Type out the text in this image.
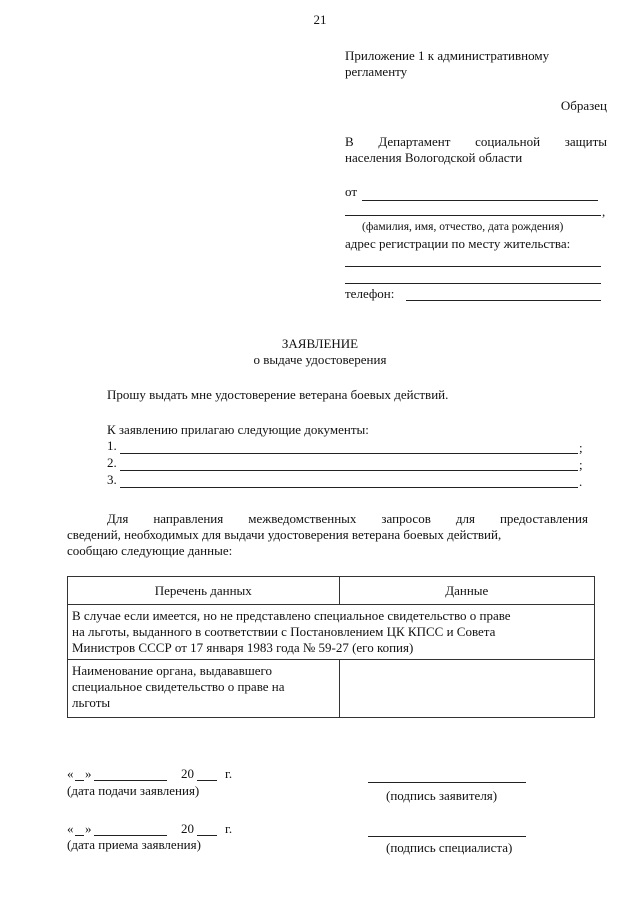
21
Приложение 1 к административному
регламенту
Образец
В Департамент социальной защиты
населения Вологодской области
от
,
(фамилия, имя, отчество, дата рождения)
адрес регистрации по месту жительства:
телефон:
ЗАЯВЛЕНИЕ
о выдаче удостоверения
Прошу выдать мне удостоверение ветерана боевых действий.
К заявлению прилагаю следующие документы:
1.	;
2.	;
3.	.
Для направления межведомственных запросов для предоставления
сведений, необходимых для выдачи удостоверения ветерана боевых действий,
сообщаю следующие данные:
Перечень данных	Данные

В случае если имеется, но не представлено специальное свидетельство о праве
на льготы, выданного в соответствии с Постановлением ЦК КПСС и Совета
Министров СССР от 17 января 1983 года № 59-27 (его копия)	

Наименование органа, выдававшего
специальное свидетельство о праве на
льготы	

« »	20 г.
(дата подачи заявления)	(подпись заявителя)
« »	20 г.
(дата приема заявления)	(подпись специалиста)
